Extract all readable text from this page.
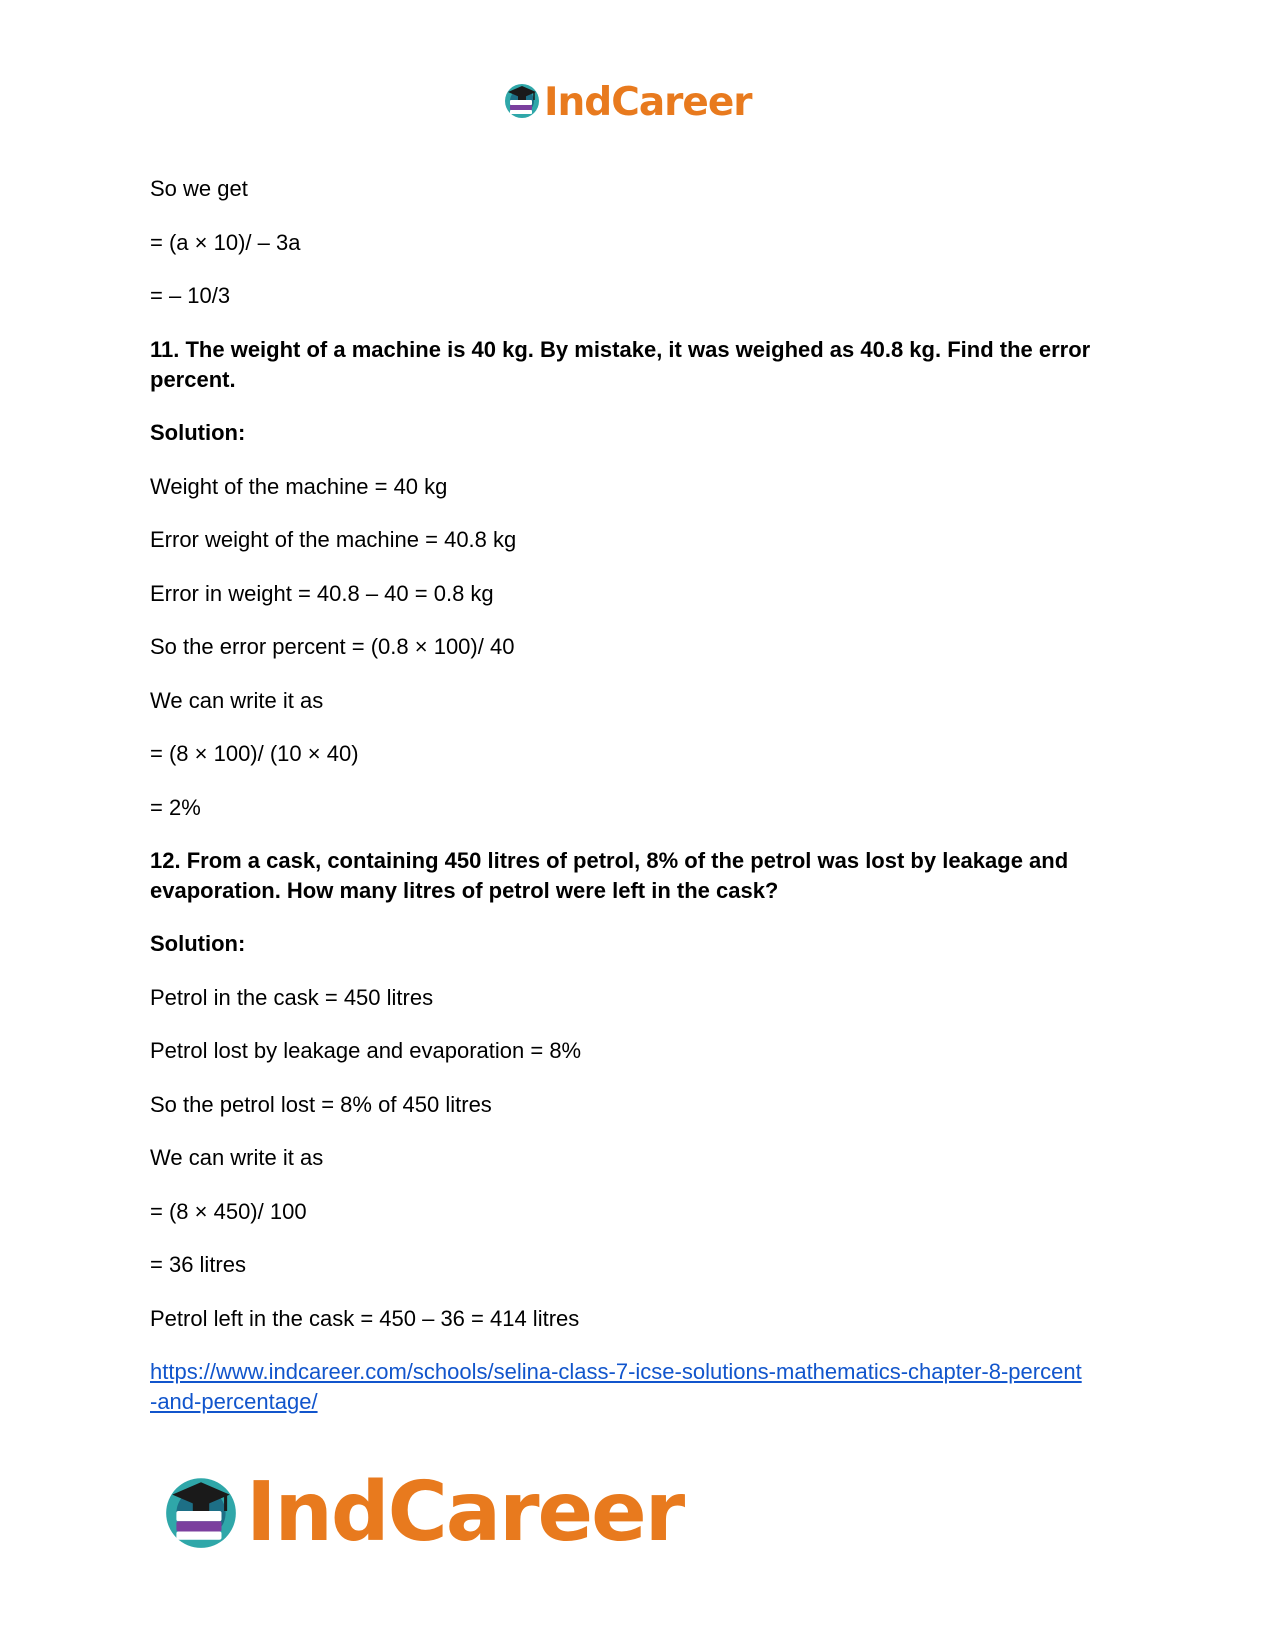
IndCareer

So we get

= (a × 10)/ – 3a

= – 10/3

11. The weight of a machine is 40 kg. By mistake, it was weighed as 40.8 kg. Find the error percent.

Solution:

Weight of the machine = 40 kg

Error weight of the machine = 40.8 kg

Error in weight = 40.8 – 40 = 0.8 kg

So the error percent = (0.8 × 100)/ 40

We can write it as

= (8 × 100)/ (10 × 40)

= 2%

12. From a cask, containing 450 litres of petrol, 8% of the petrol was lost by leakage and evaporation. How many litres of petrol were left in the cask?

Solution:

Petrol in the cask = 450 litres

Petrol lost by leakage and evaporation = 8%

So the petrol lost = 8% of 450 litres

We can write it as

= (8 × 450)/ 100

= 36 litres

Petrol left in the cask = 450 – 36 = 414 litres

https://www.indcareer.com/schools/selina-class-7-icse-solutions-mathematics-chapter-8-percent
-and-percentage/
IndCareer
